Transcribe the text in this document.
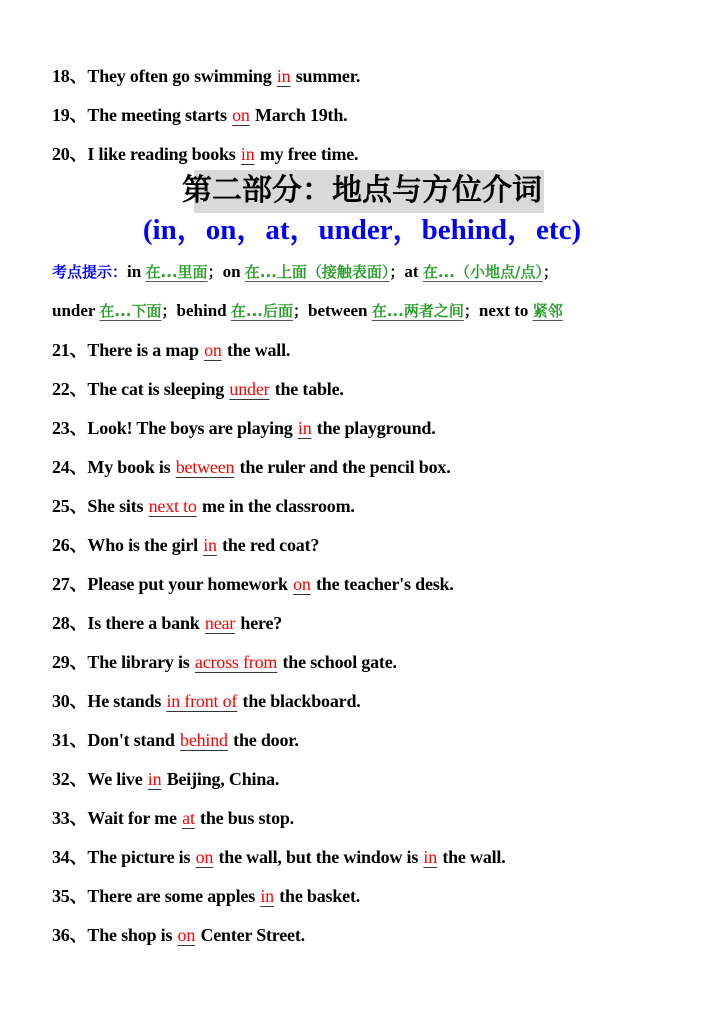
18、They often go swimming in summer.
19、The meeting starts on March 19th.
20、I like reading books in my free time.
第二部分：地点与方位介词
(in，on，at，under，behind，etc)
考点提示：in 在...里面；on 在...上面（接触表面）；at 在...（小地点/点）；
under 在...下面；behind 在...后面；between 在...两者之间；next to 紧邻
21、There is a map on the wall.
22、The cat is sleeping under the table.
23、Look! The boys are playing in the playground.
24、My book is between the ruler and the pencil box.
25、She sits next to me in the classroom.
26、Who is the girl in the red coat?
27、Please put your homework on the teacher's desk.
28、Is there a bank near here?
29、The library is across from the school gate.
30、He stands in front of the blackboard.
31、Don't stand behind the door.
32、We live in Beijing, China.
33、Wait for me at the bus stop.
34、The picture is on the wall, but the window is in the wall.
35、There are some apples in the basket.
36、The shop is on Center Street.
